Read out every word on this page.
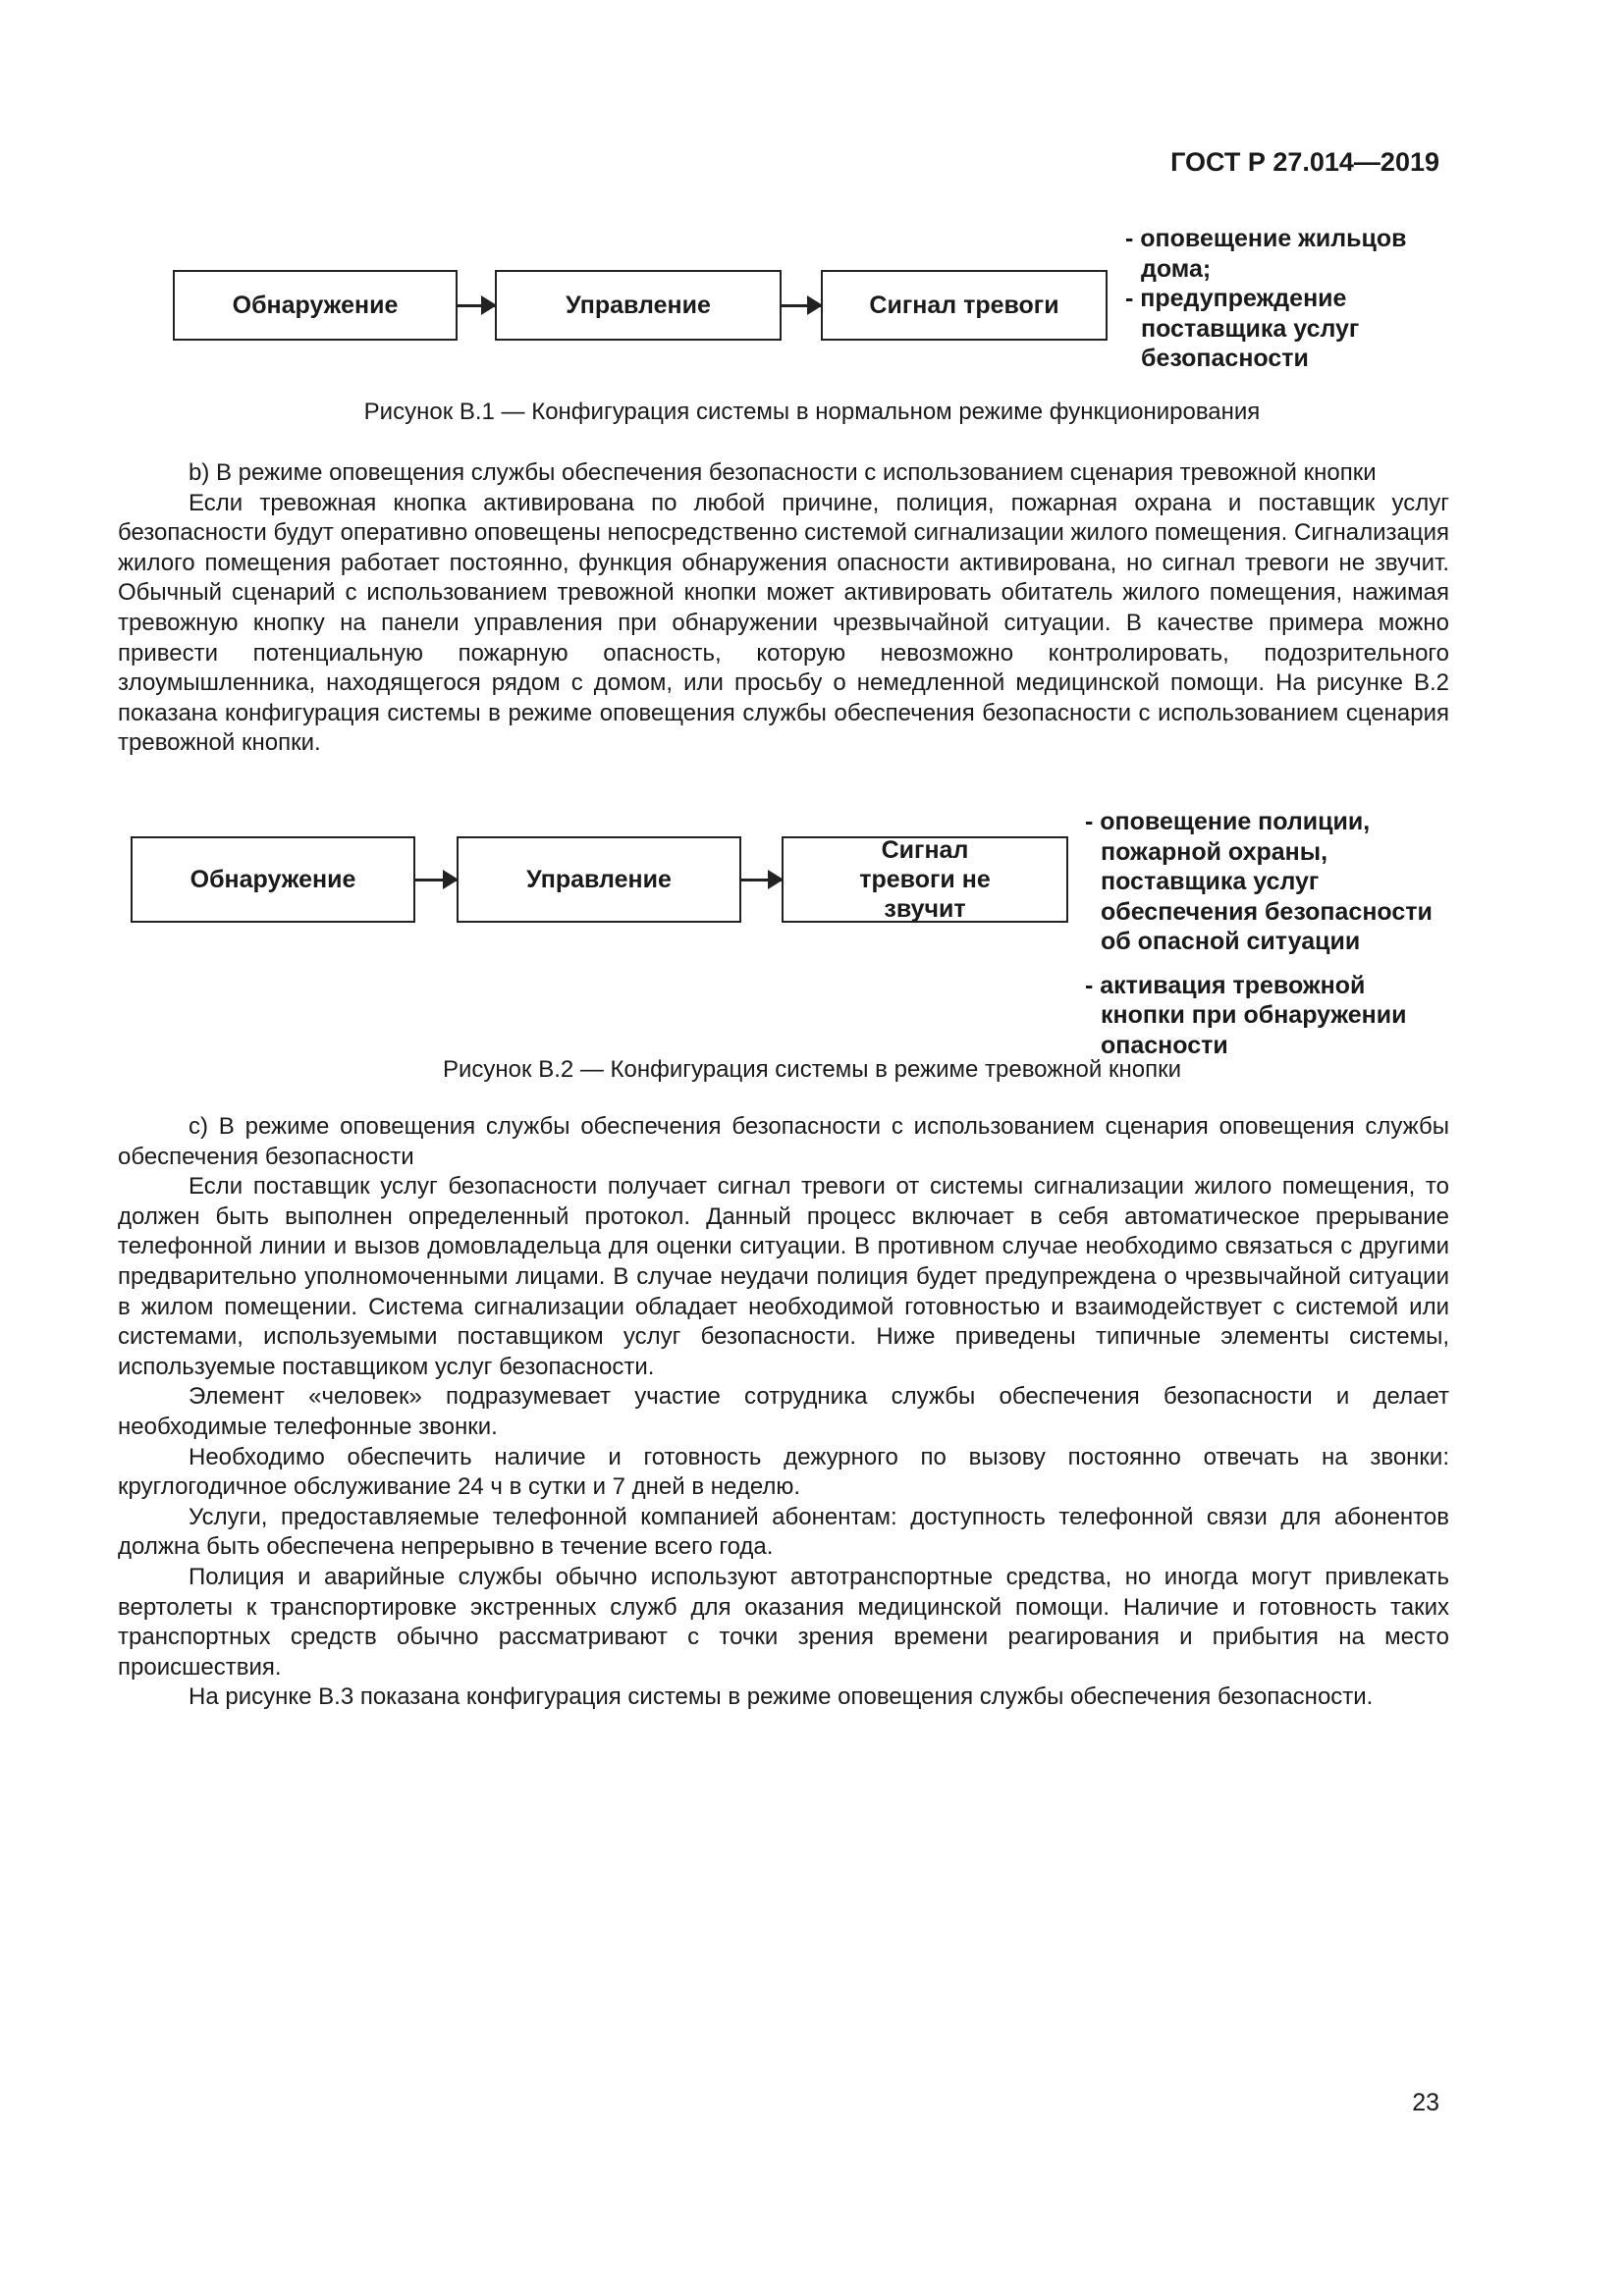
ГОСТ Р 27.014—2019
Обнаружение	Управление	Сигнал тревоги

- оповещение жильцов дома;

- предупреждение поставщика услуг безопасности

Рисунок В.1 — Конфигурация системы в нормальном режиме функционирования

b) В режиме оповещения службы обеспечения безопасности с использованием сценария тревожной кнопки

Если тревожная кнопка активирована по любой причине, полиция, пожарная охрана и поставщик услуг безопасности будут оперативно оповещены непосредственно системой сигнализации жилого помещения. Сигнализация жилого помещения работает постоянно, функция обнаружения опасности активирована, но сигнал тревоги не звучит. Обычный сценарий с использованием тревожной кнопки может активировать обитатель жилого помещения, нажимая тревожную кнопку на панели управления при обнаружении чрезвычайной ситуации. В качестве примера можно привести потенциальную пожарную опасность, которую невозможно контролировать, подозрительного злоумышленника, находящегося рядом с домом, или просьбу о немедленной медицинской помощи. На рисунке В.2 показана конфигурация системы в режиме оповещения службы обеспечения безопасности с использованием сценария тревожной кнопки.

Обнаружение	Управление
Сигнал тревоги не звучит

- оповещение полиции, пожарной охраны, поставщика услуг обеспечения безопасности об опасной ситуации

- активация тревожной кнопки при обнаружении опасности

Рисунок В.2 — Конфигурация системы в режиме тревожной кнопки

с) В режиме оповещения службы обеспечения безопасности с использованием сценария оповещения службы обеспечения безопасности

Если поставщик услуг безопасности получает сигнал тревоги от системы сигнализации жилого помещения, то должен быть выполнен определенный протокол. Данный процесс включает в себя автоматическое прерывание телефонной линии и вызов домовладельца для оценки ситуации. В противном случае необходимо связаться с другими предварительно уполномоченными лицами. В случае неудачи полиция будет предупреждена о чрезвычайной ситуации в жилом помещении. Система сигнализации обладает необходимой готовностью и взаимодействует с системой или системами, используемыми поставщиком услуг безопасности. Ниже приведены типичные элементы системы, используемые поставщиком услуг безопасности.

Элемент «человек» подразумевает участие сотрудника службы обеспечения безопасности и делает необходимые телефонные звонки.

Необходимо обеспечить наличие и готовность дежурного по вызову постоянно отвечать на звонки: круглогодичное обслуживание 24 ч в сутки и 7 дней в неделю.

Услуги, предоставляемые телефонной компанией абонентам: доступность телефонной связи для абонентов должна быть обеспечена непрерывно в течение всего года.

Полиция и аварийные службы обычно используют автотранспортные средства, но иногда могут привлекать вертолеты к транспортировке экстренных служб для оказания медицинской помощи. Наличие и готовность таких транспортных средств обычно рассматривают с точки зрения времени реагирования и прибытия на место происшествия.

На рисунке В.3 показана конфигурация системы в режиме оповещения службы обеспечения безопасности.

23
